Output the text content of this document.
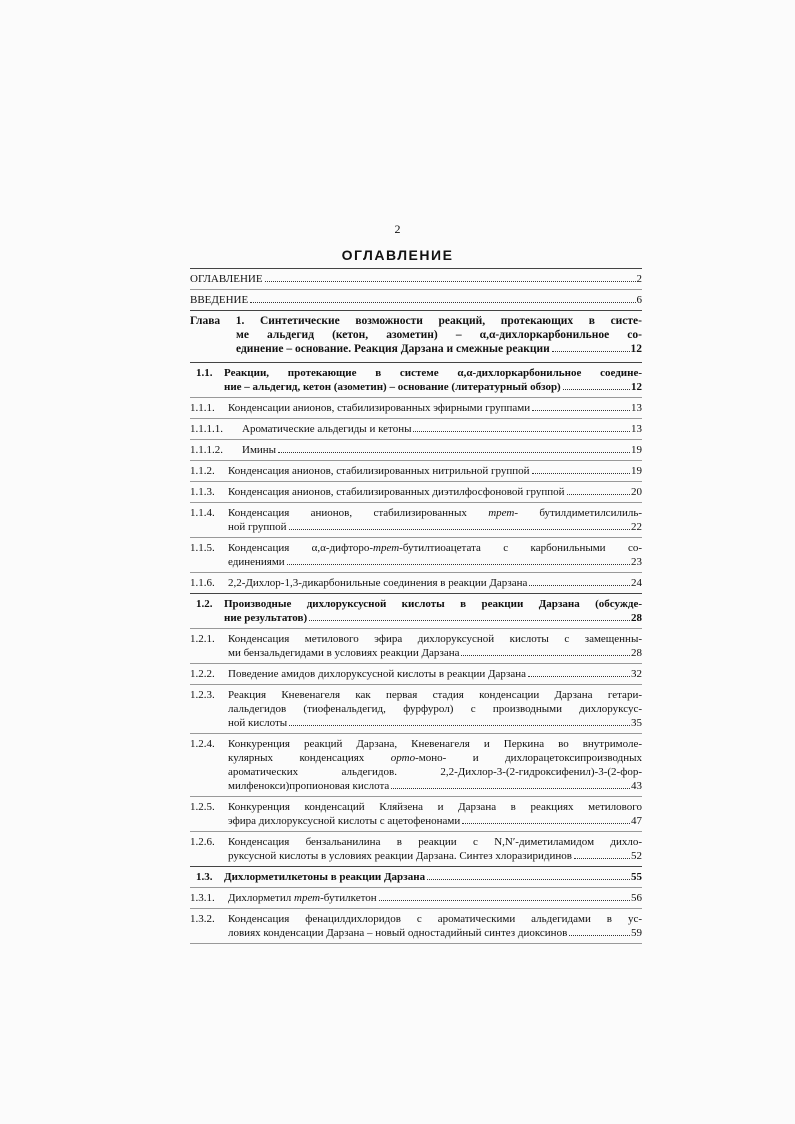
2
ОГЛАВЛЕНИЕ
ОГЛАВЛЕНИЕ	2
ВВЕДЕНИЕ	6
Глава 1. Синтетические возможности реакций, протекающих в систе-
ме альдегид (кетон, азометин) – α,α-дихлоркарбонильное со-
единение – основание. Реакция Дарзана и смежные реакции	12
1.1. Реакции, протекающие в системе α,α-дихлоркарбонильное соедине-
ние – альдегид, кетон (азометин) – основание (литературный обзор)	12
1.1.1.	Конденсации анионов, стабилизированных эфирными группами	13
1.1.1.1.	Ароматические альдегиды и кетоны	13
1.1.1.2.	Имины	19
1.1.2.	Конденсация анионов, стабилизированных нитрильной группой	19
1.1.3.	Конденсация анионов, стабилизированных диэтилфосфоновой группой	20
1.1.4. Конденсация анионов, стабилизированных трет- бутилдиметилсилиль-
ной группой	22
1.1.5. Конденсация α,α-дифторо-трет-бутилтиоацетата с карбонильными со-
единениями	23
1.1.6.	2,2-Дихлор-1,3-дикарбонильные соединения в реакции Дарзана	24
1.2. Производные дихлоруксусной кислоты в реакции Дарзана (обсужде-
ние результатов)	28
1.2.1. Конденсация метилового эфира дихлоруксусной кислоты с замещенны-
ми бензальдегидами в условиях реакции Дарзана	28
1.2.2.	Поведение амидов дихлоруксусной кислоты в реакции Дарзана	32
1.2.3. Реакция Кневенагеля как первая стадия конденсации Дарзана гетари-
лальдегидов (тиофенальдегид, фурфурол) с производными дихлоруксус-
ной кислоты	35
1.2.4. Конкуренция реакций Дарзана, Кневенагеля и Перкина во внутримоле-
кулярных конденсациях орто-моно- и дихлорацетоксипроизводных
ароматических альдегидов. 2,2-Дихлор-3-(2-гидроксифенил)-3-(2-фор-
милфенокси)пропионовая кислота	43
1.2.5. Конкуренция конденсаций Кляйзена и Дарзана в реакциях метилового
эфира дихлоруксусной кислоты с ацетофенонами	47
1.2.6. Конденсация бензальанилина в реакции с N,N′-диметиламидом дихло-
руксусной кислоты в условиях реакции Дарзана. Синтез хлоразиридинов	52
1.3.	Дихлорметилкетоны в реакции Дарзана	55
1.3.1.	Дихлорметил трет-бутилкетон	56
1.3.2. Конденсация фенацилдихлоридов с ароматическими альдегидами в ус-
ловиях конденсации Дарзана – новый одностадийный синтез диоксинов	59
